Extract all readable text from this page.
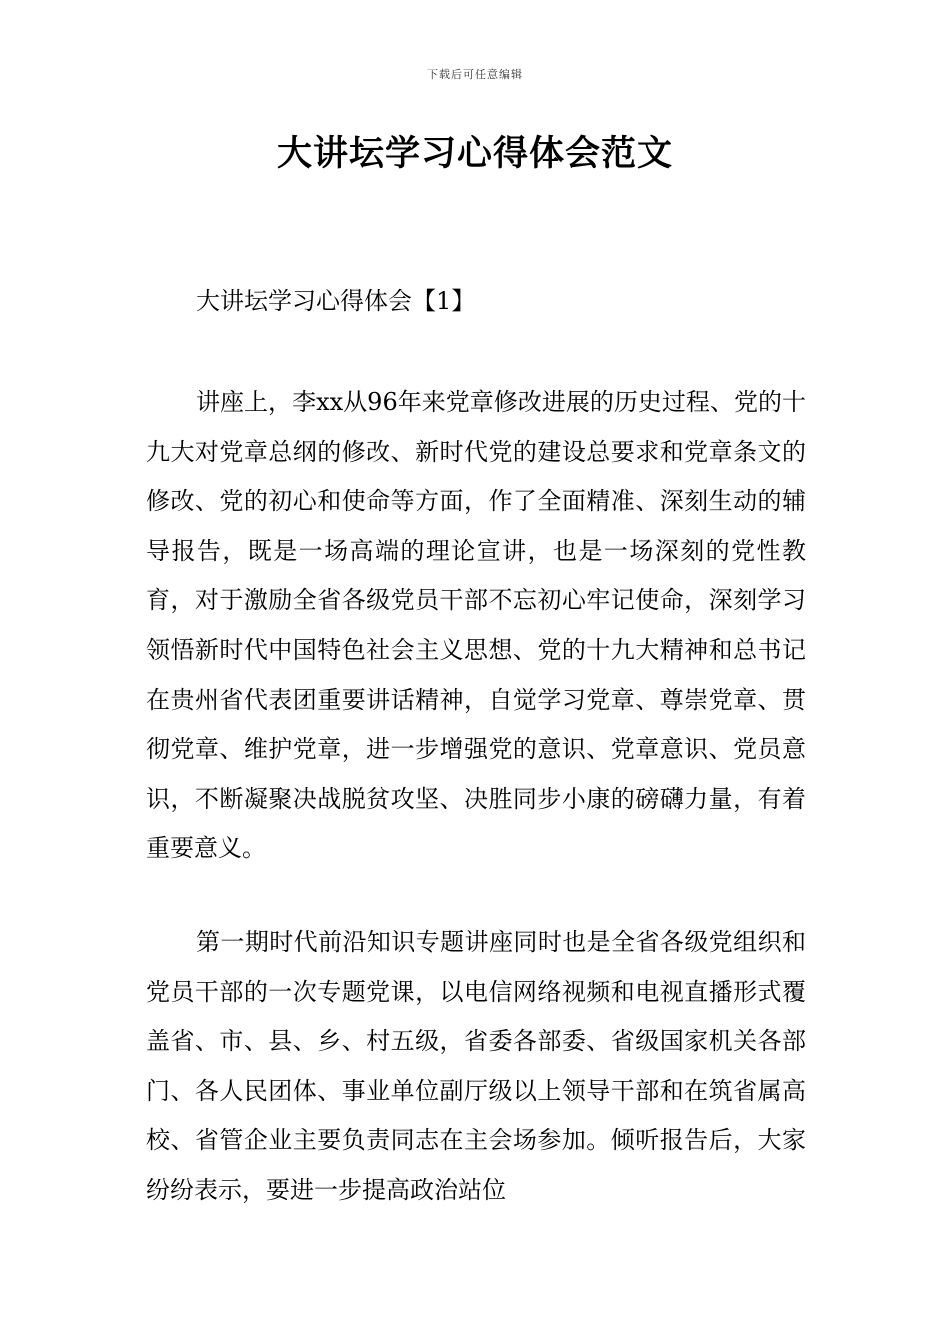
下载后可任意编辑
大讲坛学习心得体会范文
大讲坛学习心得体会【1】

讲座上，李xx从96年来党章修改进展的历史过程、党的十九大对党章总纲的修改、新时代党的建设总要求和党章条文的修改、党的初心和使命等方面，作了全面精准、深刻生动的辅导报告，既是一场高端的理论宣讲，也是一场深刻的党性教育，对于激励全省各级党员干部不忘初心牢记使命，深刻学习领悟新时代中国特色社会主义思想、党的十九大精神和总书记在贵州省代表团重要讲话精神，自觉学习党章、尊崇党章、贯彻党章、维护党章，进一步增强党的意识、党章意识、党员意识，不断凝聚决战脱贫攻坚、决胜同步小康的磅礴力量，有着重要意义。

第一期时代前沿知识专题讲座同时也是全省各级党组织和党员干部的一次专题党课，以电信网络视频和电视直播形式覆盖省、市、县、乡、村五级，省委各部委、省级国家机关各部门、各人民团体、事业单位副厅级以上领导干部和在筑省属高校、省管企业主要负责同志在主会场参加。倾听报告后，大家纷纷表示，要进一步提高政治站位
